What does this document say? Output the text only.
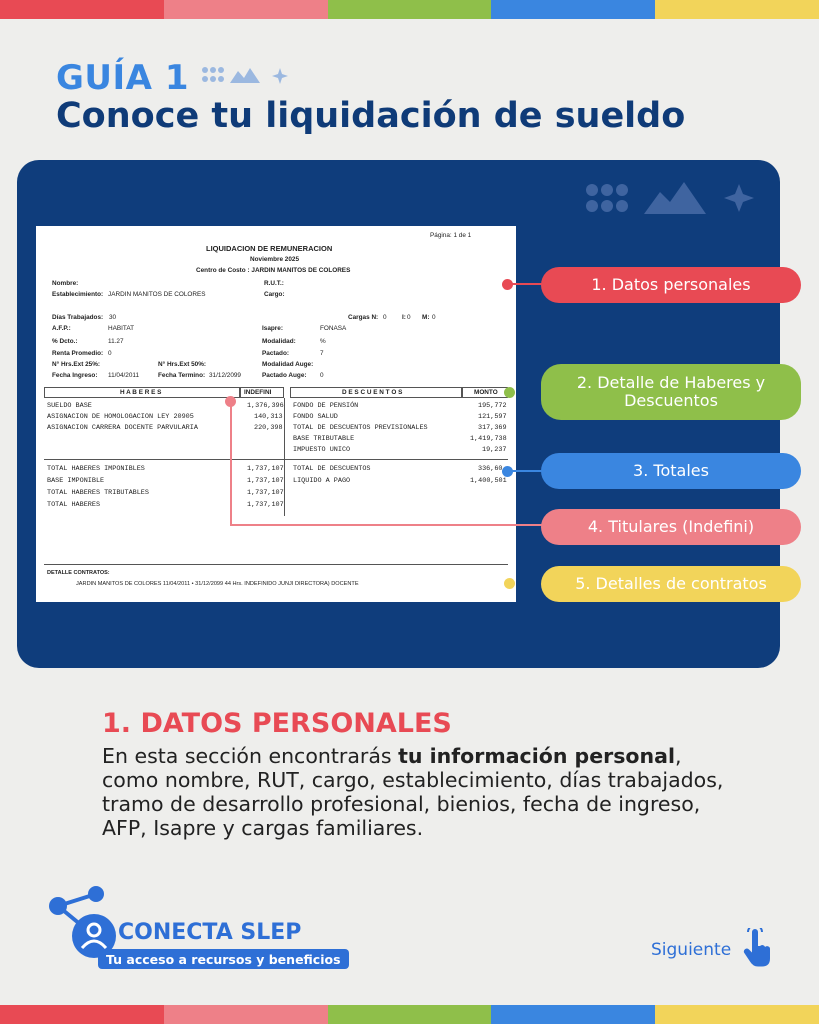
GUÍA 1
Conoce tu liquidación de sueldo
Página: 1 de 1
LIQUIDACION DE REMUNERACION
Noviembre 2025
Centro de Costo : JARDIN MANITOS DE COLORES
Nombre:	R.U.T.:
Establecimiento: JARDIN MANITOS DE COLORES	Cargo:
Días Trabajados: 30	Cargas N: 0 I: 0 M: 0
A.F.P.:	HABITAT	Isapre:	FONASA
% Dcto.:	11.27	Modalidad:	%
Renta Promedio: 0	Pactado:	7
N° Hrs.Ext 25%:	N° Hrs.Ext 50%:	Modalidad Auge:
Fecha Ingreso: 11/04/2011	Fecha Termino: 31/12/2099	Pactado Auge: 0
H A B E R E S	INDEFINI	D E S C U E N T O S	MONTO
SUELDO BASE	1,376,396
ASIGNACION DE HOMOLOGACION LEY 20905	140,313
ASIGNACION CARRERA DOCENTE PARVULARIA	220,398
FONDO DE PENSIÓN	195,772
FONDO SALUD	121,597
TOTAL DE DESCUENTOS PREVISIONALES	317,369
BASE TRIBUTABLE	1,419,738
IMPUESTO UNICO	19,237
TOTAL HABERES IMPONIBLES	1,737,107
BASE IMPONIBLE	1,737,107
TOTAL HABERES TRIBUTABLES	1,737,107
TOTAL HABERES	1,737,107
TOTAL DE DESCUENTOS	336,60
LIQUIDO A PAGO	1,400,501
DETALLE CONTRATOS:
JARDIN MANITOS DE COLORES 11/04/2011 • 31/12/2099 44 Hrs. INDEFINIDO JUNJI DIRECTORA) DOCENTE
1. Datos personales
2. Detalle de Haberes y Descuentos
3. Totales
4. Titulares (Indefini)
5. Detalles de contratos
1. DATOS PERSONALES
En esta sección encontrarás tu información personal, como nombre, RUT, cargo, establecimiento, días trabajados, tramo de desarrollo profesional, bienios, fecha de ingreso, AFP, Isapre y cargas familiares.
CONECTA SLEP
Tu acceso a recursos y beneficios	Siguiente
